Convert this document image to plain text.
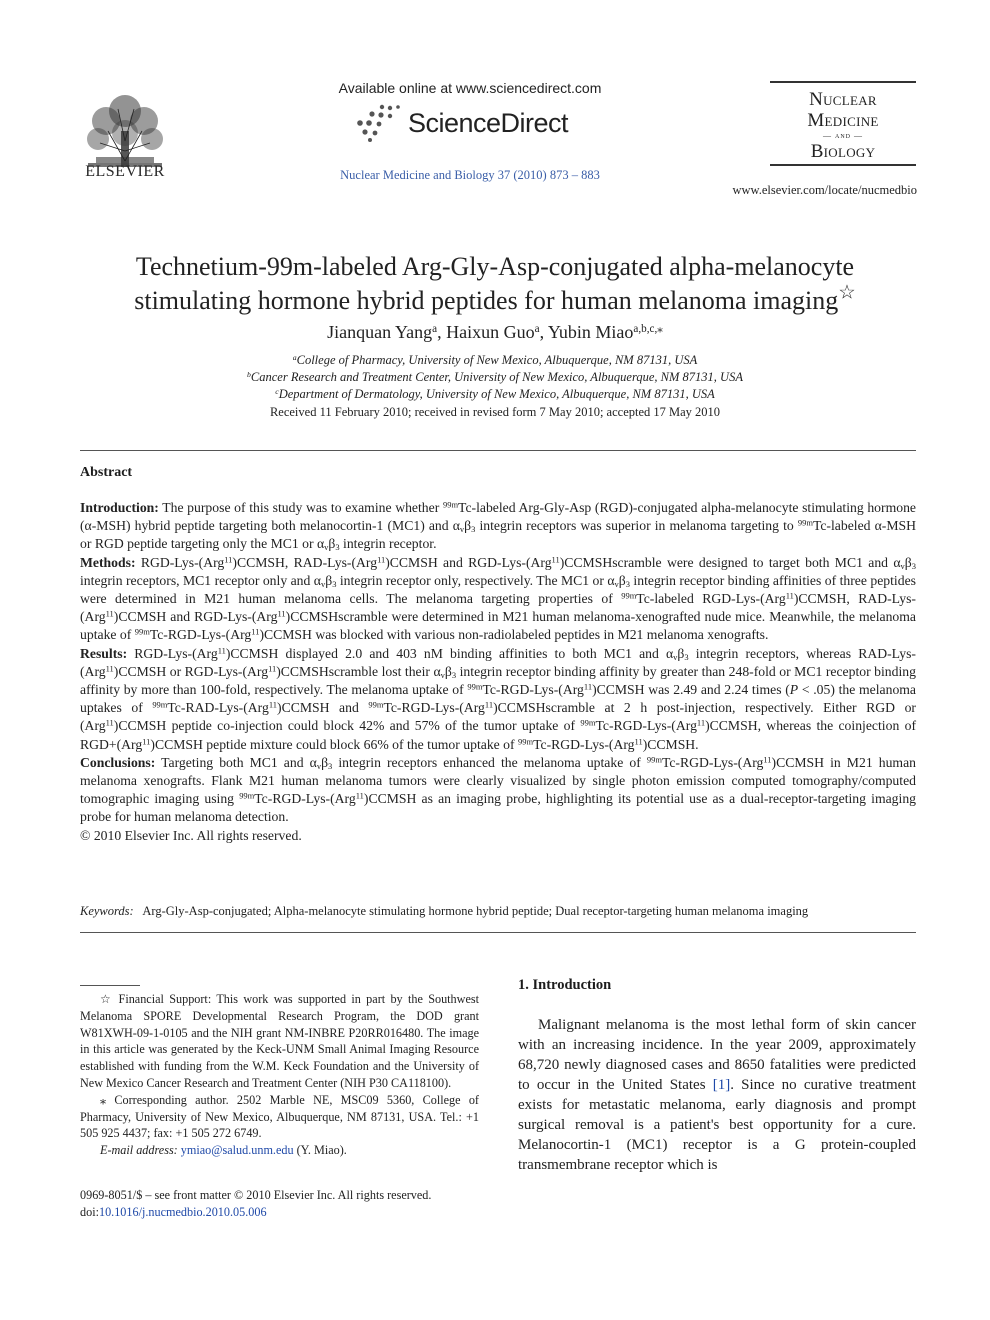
ELSEVIER
Available online at www.sciencedirect.com
ScienceDirect
Nuclear Medicine and Biology 37 (2010) 873 – 883
Nuclear
Medicine
— and —
Biology
www.elsevier.com/locate/nucmedbio
Technetium-99m-labeled Arg-Gly-Asp-conjugated alpha-melanocyte
stimulating hormone hybrid peptides for human melanoma imaging☆
Jianquan Yang$^a$, Haixun Guo$^a$, Yubin Miao$^{a,b,c,⁎}$
$^a$College of Pharmacy, University of New Mexico, Albuquerque, NM 87131, USA
$^b$Cancer Research and Treatment Center, University of New Mexico, Albuquerque, NM 87131, USA
$^c$Department of Dermatology, University of New Mexico, Albuquerque, NM 87131, USA
Received 11 February 2010; received in revised form 7 May 2010; accepted 17 May 2010
Abstract

Introduction: The purpose of this study was to examine whether $^{99m}$Tc-labeled Arg-Gly-Asp (RGD)-conjugated alpha-melanocyte stimulating hormone (α-MSH) hybrid peptide targeting both melanocortin-1 (MC1) and $\alpha_v\beta_3$ integrin receptors was superior in melanoma targeting to $^{99m}$Tc-labeled α-MSH or RGD peptide targeting only the MC1 or $\alpha_v\beta_3$ integrin receptor.

Methods: RGD-Lys-(Arg$^{11}$)CCMSH, RAD-Lys-(Arg$^{11}$)CCMSH and RGD-Lys-(Arg$^{11}$)CCMSHscramble were designed to target both MC1 and $\alpha_v\beta_3$ integrin receptors, MC1 receptor only and $\alpha_v\beta_3$ integrin receptor only, respectively. The MC1 or $\alpha_v\beta_3$ integrin receptor binding affinities of three peptides were determined in M21 human melanoma cells. The melanoma targeting properties of $^{99m}$Tc-labeled RGD-Lys-(Arg$^{11}$)CCMSH, RAD-Lys-(Arg$^{11}$)CCMSH and RGD-Lys-(Arg$^{11}$)CCMSHscramble were determined in M21 human melanoma-xenografted nude mice. Meanwhile, the melanoma uptake of $^{99m}$Tc-RGD-Lys-(Arg$^{11}$)CCMSH was blocked with various non-radiolabeled peptides in M21 melanoma xenografts.

Results: RGD-Lys-(Arg$^{11}$)CCMSH displayed 2.0 and 403 nM binding affinities to both MC1 and $\alpha_v\beta_3$ integrin receptors, whereas RAD-Lys-(Arg$^{11}$)CCMSH or RGD-Lys-(Arg$^{11}$)CCMSHscramble lost their $\alpha_v\beta_3$ integrin receptor binding affinity by greater than 248-fold or MC1 receptor binding affinity by more than 100-fold, respectively. The melanoma uptake of $^{99m}$Tc-RGD-Lys-(Arg$^{11}$)CCMSH was 2.49 and 2.24 times (P < .05) the melanoma uptakes of $^{99m}$Tc-RAD-Lys-(Arg$^{11}$)CCMSH and $^{99m}$Tc-RGD-Lys-(Arg$^{11}$)CCMSHscramble at 2 h post-injection, respectively. Either RGD or (Arg$^{11}$)CCMSH peptide co-injection could block 42% and 57% of the tumor uptake of $^{99m}$Tc-RGD-Lys-(Arg$^{11}$)CCMSH, whereas the coinjection of RGD+(Arg$^{11}$)CCMSH peptide mixture could block 66% of the tumor uptake of $^{99m}$Tc-RGD-Lys-(Arg$^{11}$)CCMSH.

Conclusions: Targeting both MC1 and $\alpha_v\beta_3$ integrin receptors enhanced the melanoma uptake of $^{99m}$Tc-RGD-Lys-(Arg$^{11}$)CCMSH in M21 human melanoma xenografts. Flank M21 human melanoma tumors were clearly visualized by single photon emission computed tomography/computed tomographic imaging using $^{99m}$Tc-RGD-Lys-(Arg$^{11}$)CCMSH as an imaging probe, highlighting its potential use as a dual-receptor-targeting imaging probe for human melanoma detection.

© 2010 Elsevier Inc. All rights reserved.

Keywords: Arg-Gly-Asp-conjugated; Alpha-melanocyte stimulating hormone hybrid peptide; Dual receptor-targeting human melanoma imaging

☆ Financial Support: This work was supported in part by the Southwest Melanoma SPORE Developmental Research Program, the DOD grant W81XWH-09-1-0105 and the NIH grant NM-INBRE P20RR016480. The image in this article was generated by the Keck-UNM Small Animal Imaging Resource established with funding from the W.M. Keck Foundation and the University of New Mexico Cancer Research and Treatment Center (NIH P30 CA118100).

⁎ Corresponding author. 2502 Marble NE, MSC09 5360, College of Pharmacy, University of New Mexico, Albuquerque, NM 87131, USA. Tel.: +1 505 925 4437; fax: +1 505 272 6749.

E-mail address: ymiao@salud.unm.edu (Y. Miao).

0969-8051/$ – see front matter © 2010 Elsevier Inc. All rights reserved.
doi:10.1016/j.nucmedbio.2010.05.006
1. Introduction

Malignant melanoma is the most lethal form of skin cancer with an increasing incidence. In the year 2009, approximately 68,720 newly diagnosed cases and 8650 fatalities were predicted to occur in the United States [1]. Since no curative treatment exists for metastatic melanoma, early diagnosis and prompt surgical removal is a patient's best opportunity for a cure. Melanocortin-1 (MC1) receptor is a G protein-coupled transmembrane receptor which is
